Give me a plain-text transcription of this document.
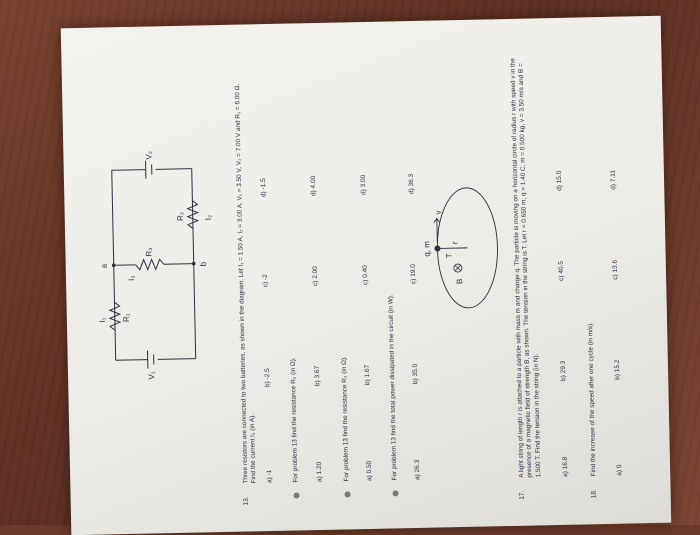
V₁
I₁
a
I₃
R₁
R₃
I₂
R₂
V₂
b
13.
Three resistors are connected to two batteries, as shown in the diagram. Let I₁ = 1.50 A, I₂ = 3.00 A, V₁ = 3.50 V, V₂ = 7.00 V and R₁ = 6.00 Ω. Find the current I₃ (in A). a) -1
b) -2.5
c) -2
d) -1.5
For problem 13 find the resistance R₂ (in Ω).	a) 1.20
b) 3.67
c) 2.00
d) 4.00
For problem 13 find the resistance R₃ (in Ω). a) 0.50
b) 1.67
c) 0.40
d) 3.00
For problem 13 find the total power dissipated in the circuit (in W). a) 26.3
b) 35.0
c) 19.0
d) 36.3
q, m T
r
B
v
17.
A light string of length r is attached to a particle with mass m and charge q. The particle is moving on a horizontal circle of radius r with speed v in the presence of a magnetic field of strength B, as shown. The tension in the string is T. Let r = 0.650 m, q = 1.40 C, m = 0.500 kg, v = 3.50 m/s and B = 1.500 T. Find the tension in the string (in N).	a) 16.8
b) 29.3
c) 40.5
d) 15.0
18.
Find the increase of the speed after one cycle (in m/s).	a) 0
b) 15.2
c) 13.6
d) 7.11
